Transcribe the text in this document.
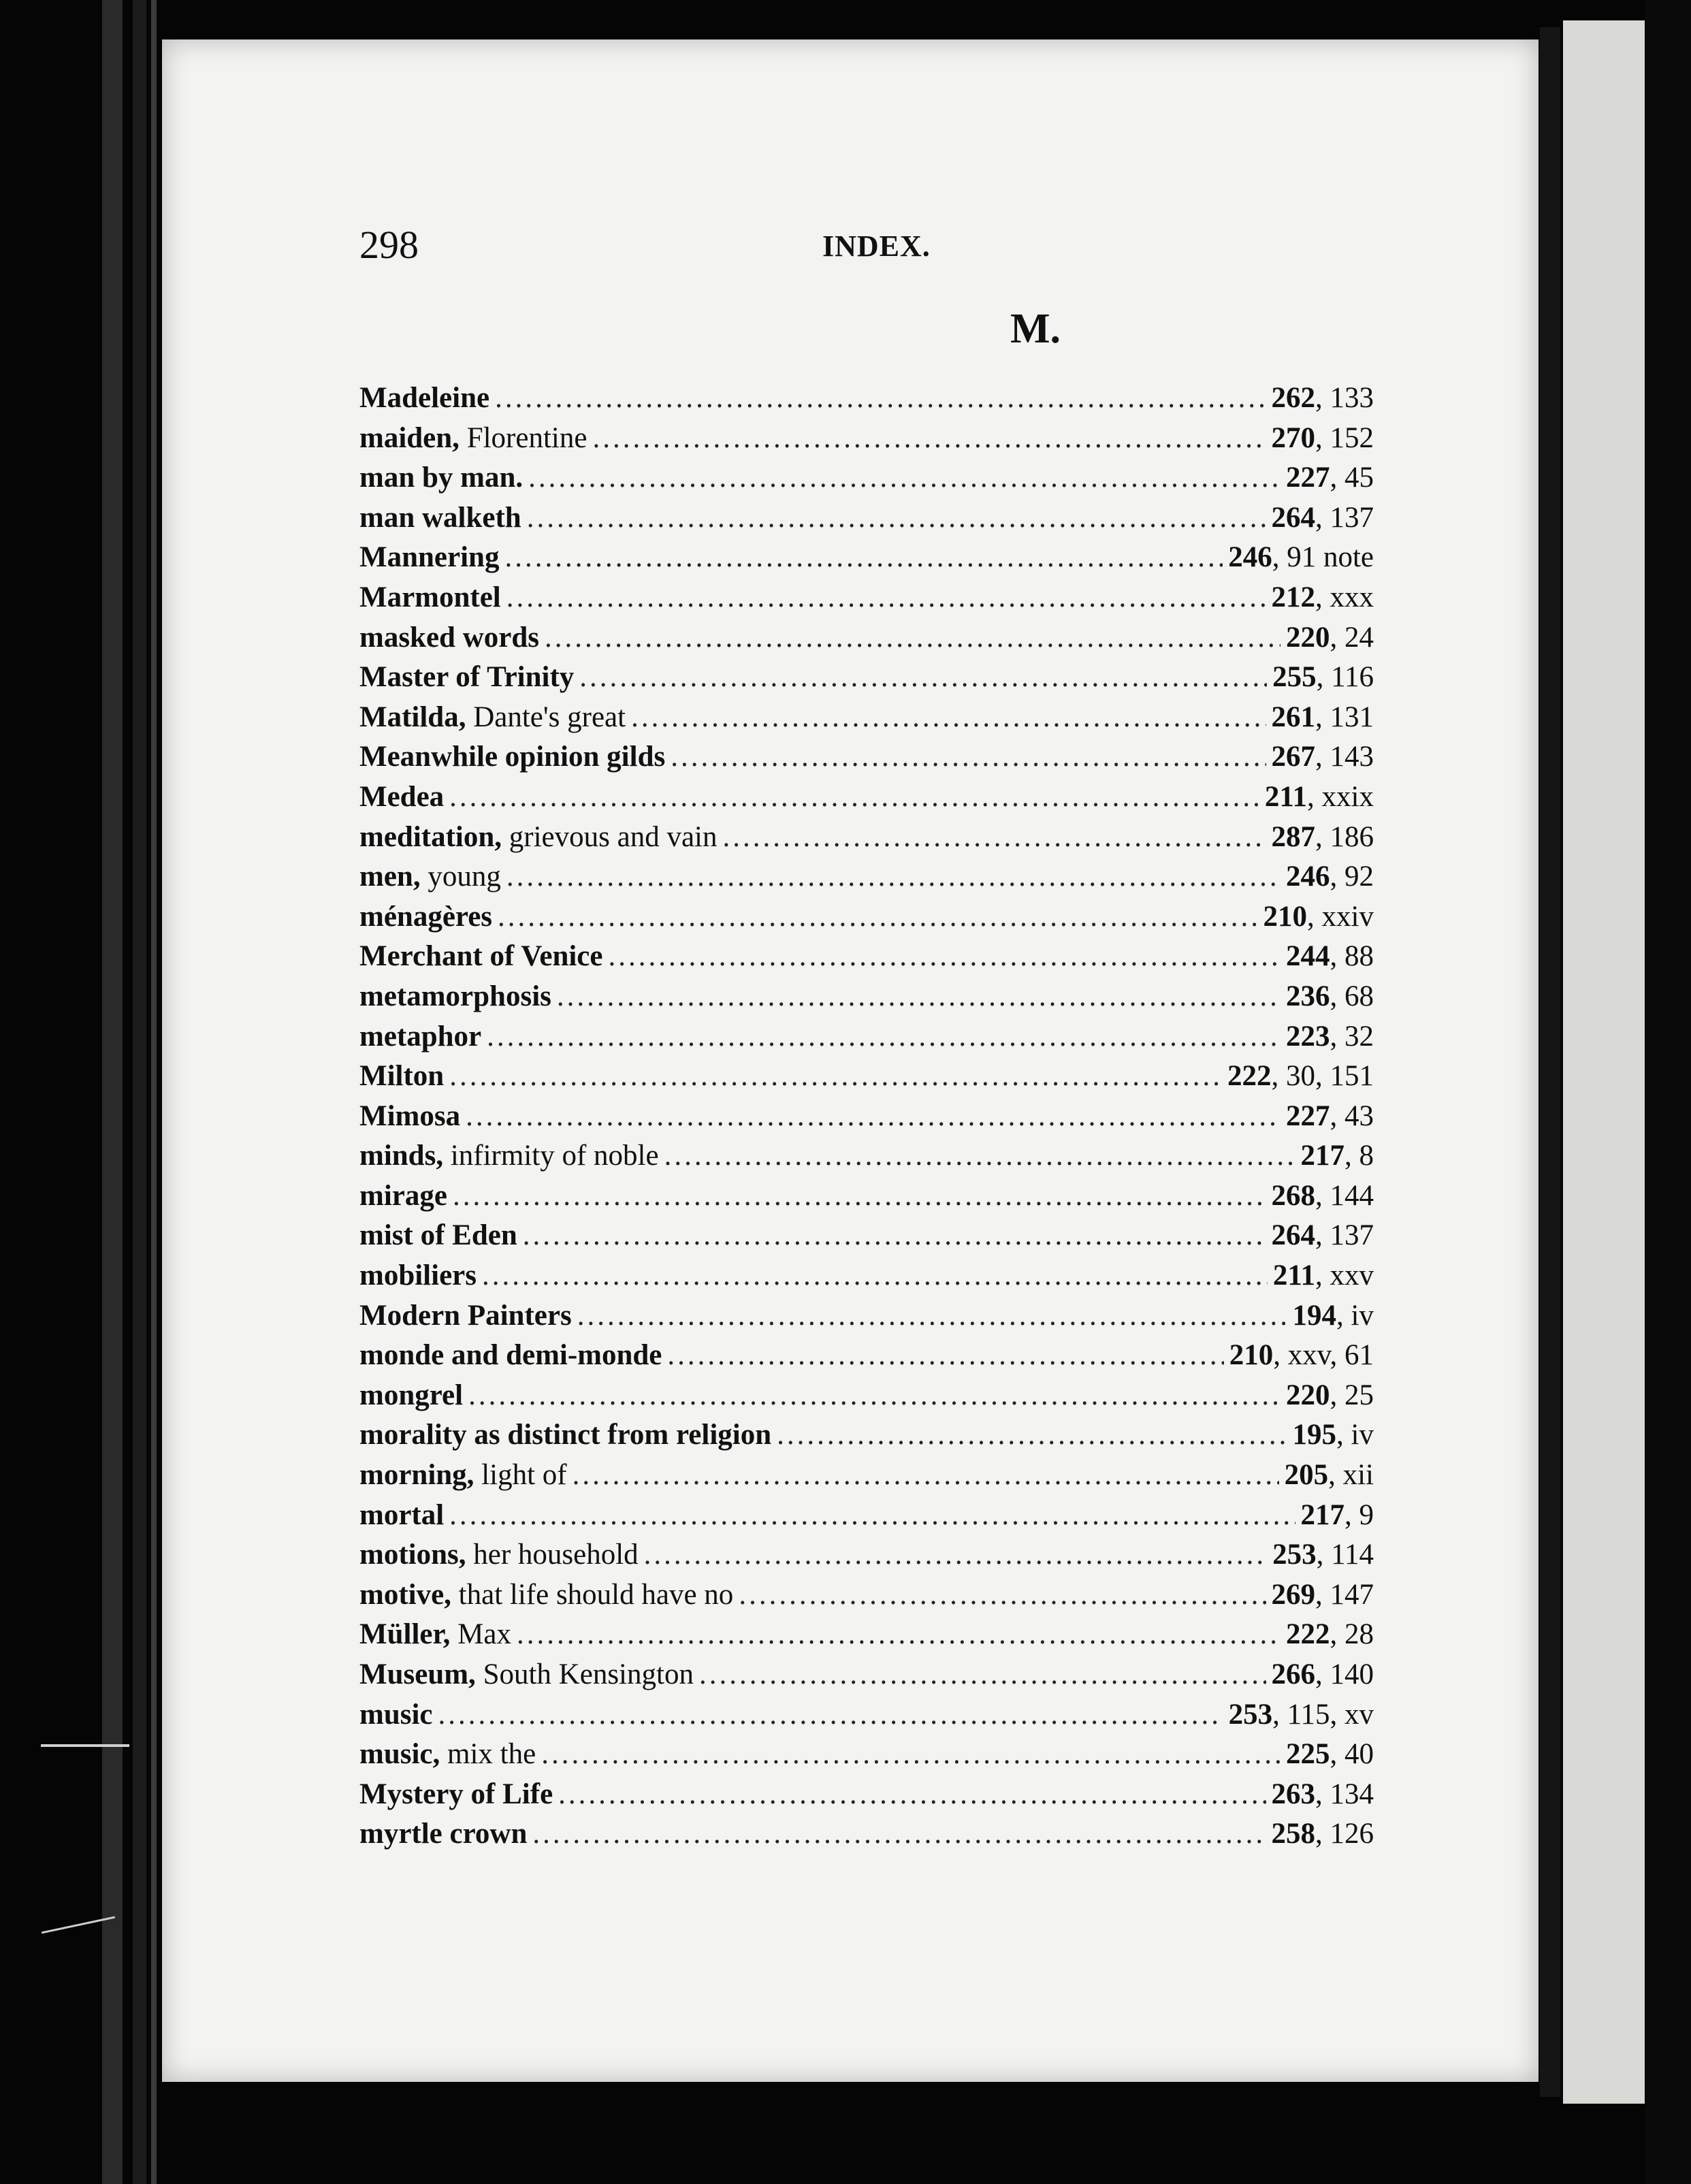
298	INDEX.
M.
Madeleine .....	262, 133
maiden, Florentine .....	270, 152
man by man. .....	227, 45
man walketh .....	264, 137
Mannering .....	246, 91 note
Marmontel .....	212, xxx
masked words .....	220, 24
Master of Trinity .....	255, 116
Matilda, Dante's great .....	261, 131
Meanwhile opinion gilds .....	267, 143
Medea .....	211, xxix
meditation, grievous and vain .....	287, 186
men, young .....	246, 92
ménagères .....	210, xxiv
Merchant of Venice .....	244, 88
metamorphosis .....	236, 68
metaphor .....	223, 32
Milton .....	222, 30, 151
Mimosa .....	227, 43
minds, infirmity of noble .....	217, 8
mirage .....	268, 144
mist of Eden .....	264, 137
mobiliers .....	211, xxv
Modern Painters .....	194, iv
monde and demi-monde .....	210, xxv, 61
mongrel .....	220, 25
morality as distinct from religion .....	195, iv
morning, light of .....	205, xii
mortal .....	217, 9
motions, her household .....	253, 114
motive, that life should have no .....	269, 147
Müller, Max .....	222, 28
Museum, South Kensington .....	266, 140
music .....	253, 115, xv
music, mix the .....	225, 40
Mystery of Life .....	263, 134
myrtle crown .....	258, 126
